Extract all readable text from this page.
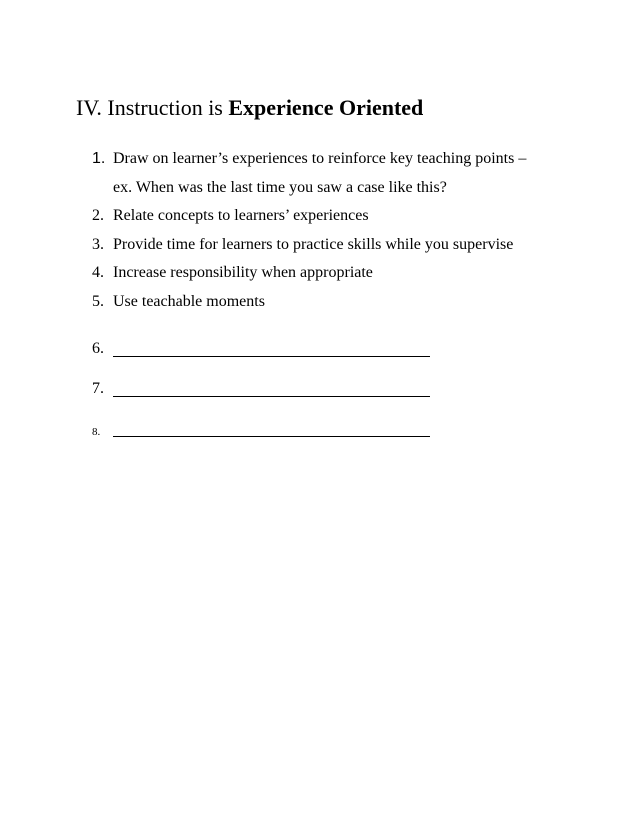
IV. Instruction is Experience Oriented
1. Draw on learner’s experiences to reinforce key teaching points –
ex. When was the last time you saw a case like this?
2. Relate concepts to learners’ experiences
3. Provide time for learners to practice skills while you supervise
4. Increase responsibility when appropriate
5. Use teachable moments
6.
7.
8.
